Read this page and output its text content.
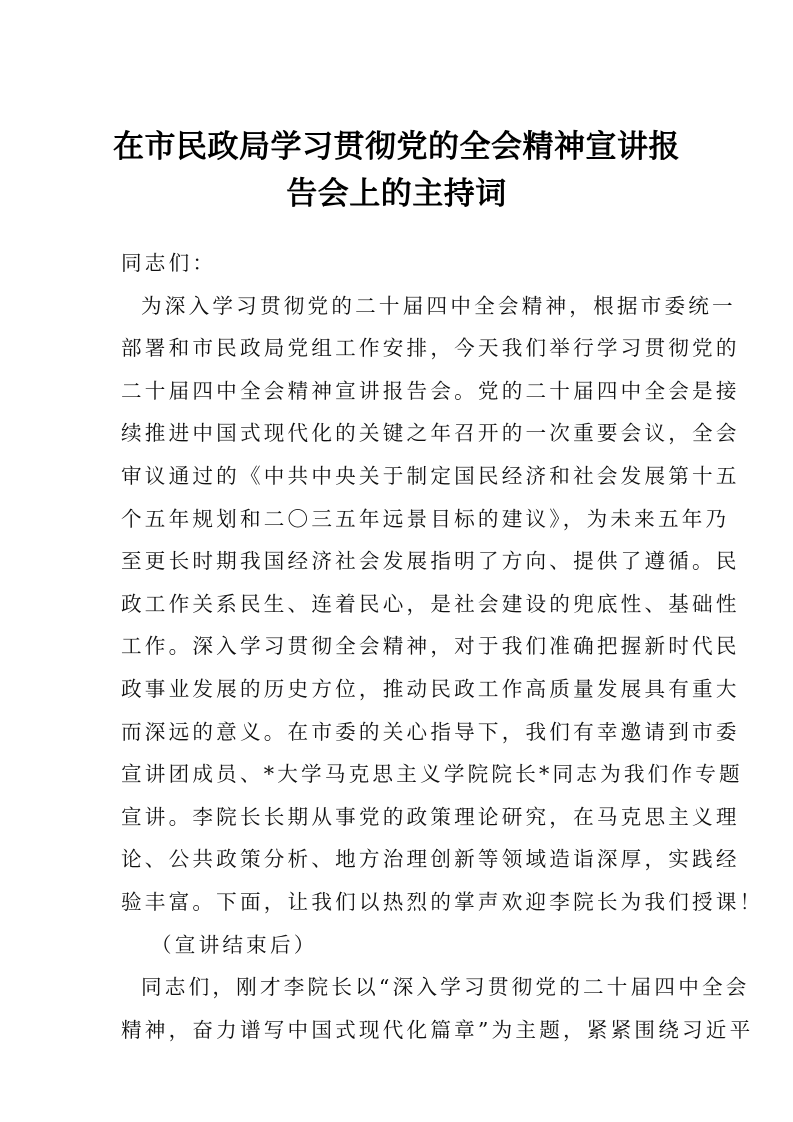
在市民政局学习贯彻党的全会精神宣讲报
告会上的主持词
同志们：
为深入学习贯彻党的二十届四中全会精神，根据市委统一
部署和市民政局党组工作安排，今天我们举行学习贯彻党的
二十届四中全会精神宣讲报告会。党的二十届四中全会是接
续推进中国式现代化的关键之年召开的一次重要会议，全会
审议通过的《中共中央关于制定国民经济和社会发展第十五
个五年规划和二〇三五年远景目标的建议》，为未来五年乃
至更长时期我国经济社会发展指明了方向、提供了遵循。民
政工作关系民生、连着民心，是社会建设的兜底性、基础性
工作。深入学习贯彻全会精神，对于我们准确把握新时代民
政事业发展的历史方位，推动民政工作高质量发展具有重大
而深远的意义。在市委的关心指导下，我们有幸邀请到市委
宣讲团成员、*大学马克思主义学院院长*同志为我们作专题
宣讲。李院长长期从事党的政策理论研究，在马克思主义理
论、公共政策分析、地方治理创新等领域造诣深厚，实践经
验丰富。下面，让我们以热烈的掌声欢迎李院长为我们授课！
（宣讲结束后）
同志们，刚才李院长以“深入学习贯彻党的二十届四中全会
精神，奋力谱写中国式现代化篇章”为主题，紧紧围绕习近平
